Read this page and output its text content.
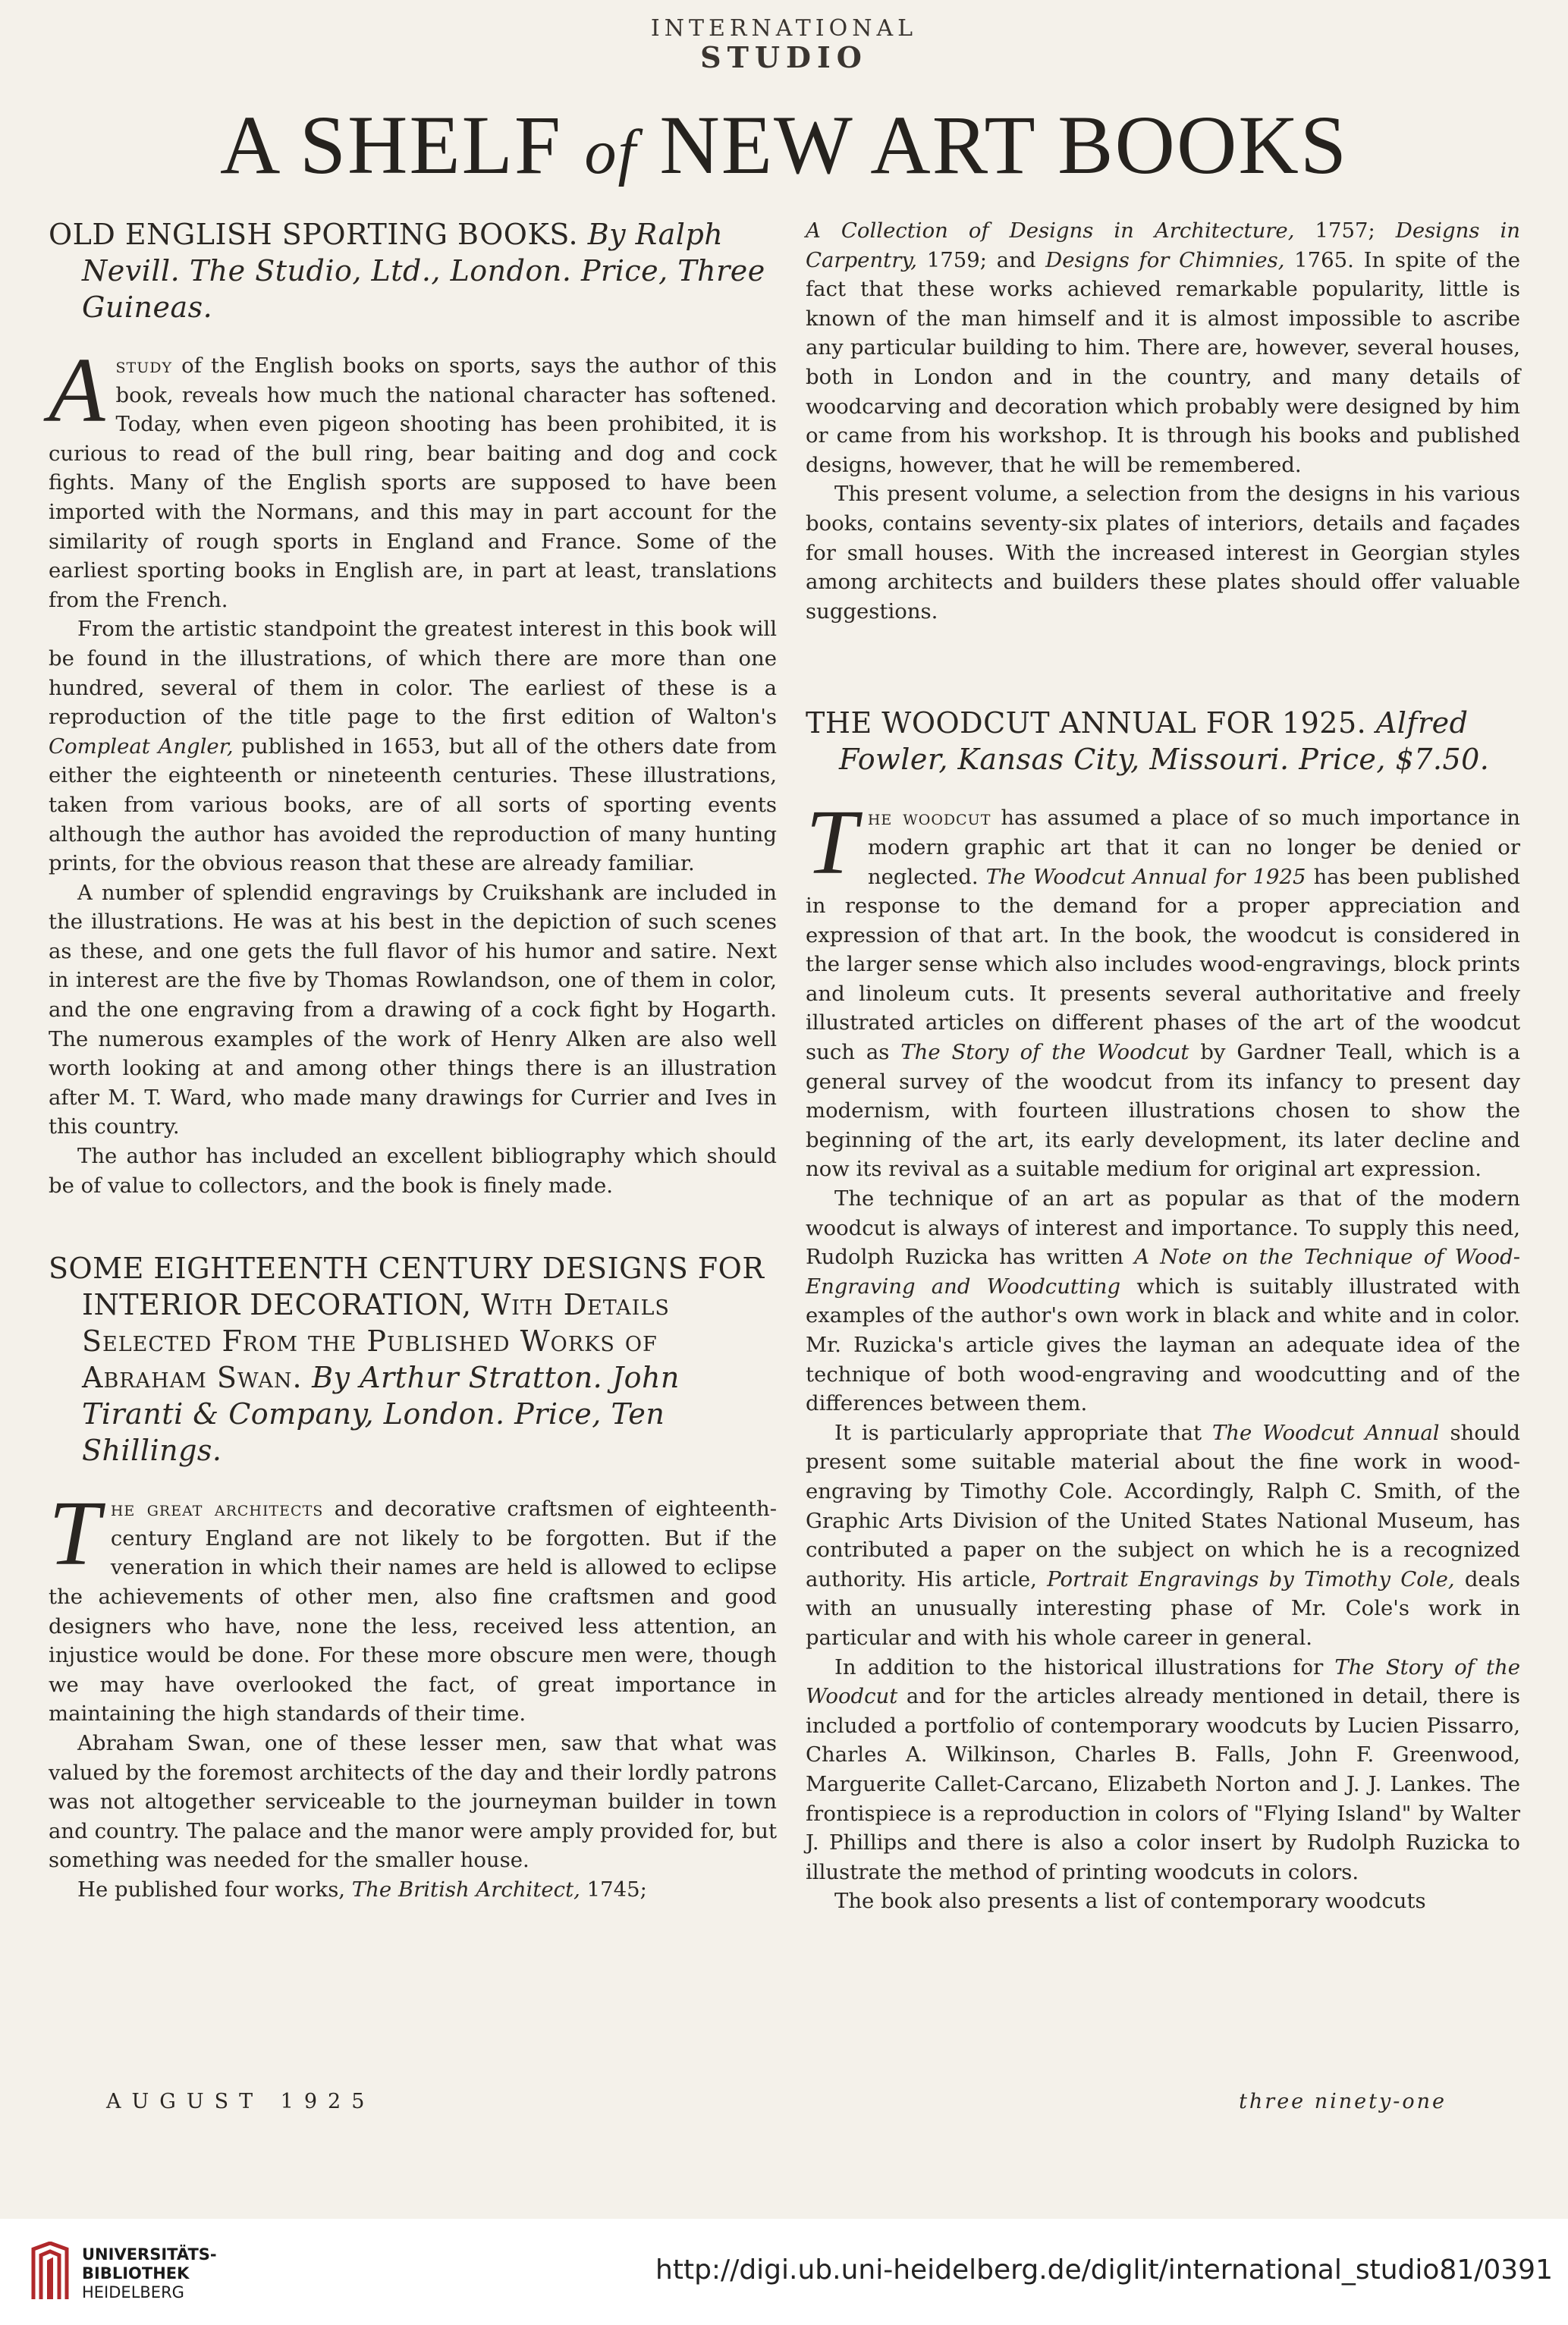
INTERNATIONAL
STUDIO
A SHELF of NEW ART BOOKS
OLD ENGLISH SPORTING BOOKS. By Ralph Nevill. The Studio, Ltd., London. Price, Three Guineas.

Astudy of the English books on sports, says the author of this book, reveals how much the national character has softened. Today, when even pigeon shooting has been prohibited, it is curious to read of the bull ring, bear baiting and dog and cock fights. Many of the English sports are supposed to have been imported with the Normans, and this may in part account for the similarity of rough sports in England and France. Some of the earliest sporting books in English are, in part at least, translations from the French.

From the artistic standpoint the greatest interest in this book will be found in the illustrations, of which there are more than one hundred, several of them in color. The earliest of these is a reproduction of the title page to the first edition of Walton's Compleat Angler, published in 1653, but all of the others date from either the eighteenth or nineteenth centuries. These illustrations, taken from various books, are of all sorts of sporting events although the author has avoided the reproduction of many hunting prints, for the obvious reason that these are already familiar.

A number of splendid engravings by Cruikshank are included in the illustrations. He was at his best in the depiction of such scenes as these, and one gets the full flavor of his humor and satire. Next in interest are the five by Thomas Rowlandson, one of them in color, and the one engraving from a drawing of a cock fight by Hogarth. The numerous examples of the work of Henry Alken are also well worth looking at and among other things there is an illustration after M. T. Ward, who made many drawings for Currier and Ives in this country.

The author has included an excellent bibliography which should be of value to collectors, and the book is finely made.

SOME EIGHTEENTH CENTURY DESIGNS FOR INTERIOR DECORATION, With Details Selected From the Published Works of Abraham Swan. By Arthur Stratton. John Tiranti & Company, London. Price, Ten Shillings.

The great architects and decorative craftsmen of eighteenth-century England are not likely to be forgotten. But if the veneration in which their names are held is allowed to eclipse the achievements of other men, also fine craftsmen and good designers who have, none the less, received less attention, an injustice would be done. For these more obscure men were, though we may have overlooked the fact, of great importance in maintaining the high standards of their time.

Abraham Swan, one of these lesser men, saw that what was valued by the foremost architects of the day and their lordly patrons was not altogether serviceable to the journeyman builder in town and country. The palace and the manor were amply provided for, but something was needed for the smaller house.

He published four works, The British Architect, 1745;

A Collection of Designs in Architecture, 1757; Designs in Carpentry, 1759; and Designs for Chimnies, 1765. In spite of the fact that these works achieved remarkable popularity, little is known of the man himself and it is almost impossible to ascribe any particular building to him. There are, however, several houses, both in London and in the country, and many details of woodcarving and decoration which probably were designed by him or came from his workshop. It is through his books and published designs, however, that he will be remembered.

This present volume, a selection from the designs in his various books, contains seventy-six plates of interiors, details and façades for small houses. With the increased interest in Georgian styles among architects and builders these plates should offer valuable suggestions.

THE WOODCUT ANNUAL FOR 1925. Alfred Fowler, Kansas City, Missouri. Price, $7.50.

The woodcut has assumed a place of so much importance in modern graphic art that it can no longer be denied or neglected. The Woodcut Annual for 1925 has been published in response to the demand for a proper appreciation and expression of that art. In the book, the woodcut is considered in the larger sense which also includes wood-engravings, block prints and linoleum cuts. It presents several authoritative and freely illustrated articles on different phases of the art of the woodcut such as The Story of the Woodcut by Gardner Teall, which is a general survey of the woodcut from its infancy to present day modernism, with fourteen illustrations chosen to show the beginning of the art, its early development, its later decline and now its revival as a suitable medium for original art expression.

The technique of an art as popular as that of the modern woodcut is always of interest and importance. To supply this need, Rudolph Ruzicka has written A Note on the Technique of Wood-Engraving and Woodcutting which is suitably illustrated with examples of the author's own work in black and white and in color. Mr. Ruzicka's article gives the layman an adequate idea of the technique of both wood-engraving and woodcutting and of the differences between them.

It is particularly appropriate that The Woodcut Annual should present some suitable material about the fine work in wood-engraving by Timothy Cole. Accordingly, Ralph C. Smith, of the Graphic Arts Division of the United States National Museum, has contributed a paper on the subject on which he is a recognized authority. His article, Portrait Engravings by Timothy Cole, deals with an unusually interesting phase of Mr. Cole's work in particular and with his whole career in general.

In addition to the historical illustrations for The Story of the Woodcut and for the articles already mentioned in detail, there is included a portfolio of contemporary woodcuts by Lucien Pissarro, Charles A. Wilkinson, Charles B. Falls, John F. Greenwood, Marguerite Callet-Carcano, Elizabeth Norton and J. J. Lankes. The frontispiece is a reproduction in colors of "Flying Island" by Walter J. Phillips and there is also a color insert by Rudolph Ruzicka to illustrate the method of printing woodcuts in colors.

The book also presents a list of contemporary woodcuts

AUGUST 1925	three ninety-one
UNIVERSITÄTS-
BIBLIOTHEK
HEIDELBERG
http://digi.ub.uni-heidelberg.de/diglit/international_studio81/0391
